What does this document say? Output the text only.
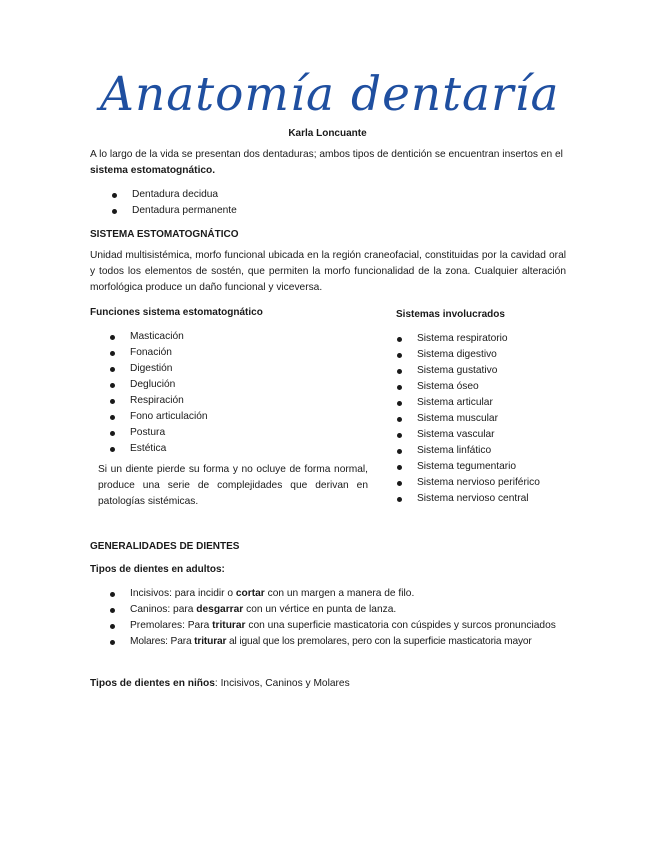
Anatomía dentaría
Karla Loncuante
A lo largo de la vida se presentan dos dentaduras; ambos tipos de dentición se encuentran insertos en el sistema estomatognático.
Dentadura decidua
Dentadura permanente
SISTEMA ESTOMATOGNÁTICO
Unidad multisistémica, morfo funcional ubicada en la región craneofacial, constituidas por la cavidad oral y todos los elementos de sostén, que permiten la morfo funcionalidad de la zona. Cualquier alteración morfológica produce un daño funcional y viceversa.
Funciones sistema estomatognático
Masticación
Fonación
Digestión
Deglución
Respiración
Fono articulación
Postura
Estética
Si un diente pierde su forma y no ocluye de forma normal, produce una serie de complejidades que derivan en patologías sistémicas.
Sistemas involucrados
Sistema respiratorio
Sistema digestivo
Sistema gustativo
Sistema óseo
Sistema articular
Sistema muscular
Sistema vascular
Sistema linfático
Sistema tegumentario
Sistema nervioso periférico
Sistema nervioso central
GENERALIDADES DE DIENTES
Tipos de dientes en adultos:
Incisivos: para incidir o cortar con un margen a manera de filo.
Caninos: para desgarrar con un vértice en punta de lanza.
Premolares: Para triturar con una superficie masticatoria con cúspides y surcos pronunciados
Molares: Para triturar al igual que los premolares, pero con la superficie masticatoria mayor
Tipos de dientes en niños: Incisivos, Caninos y Molares
